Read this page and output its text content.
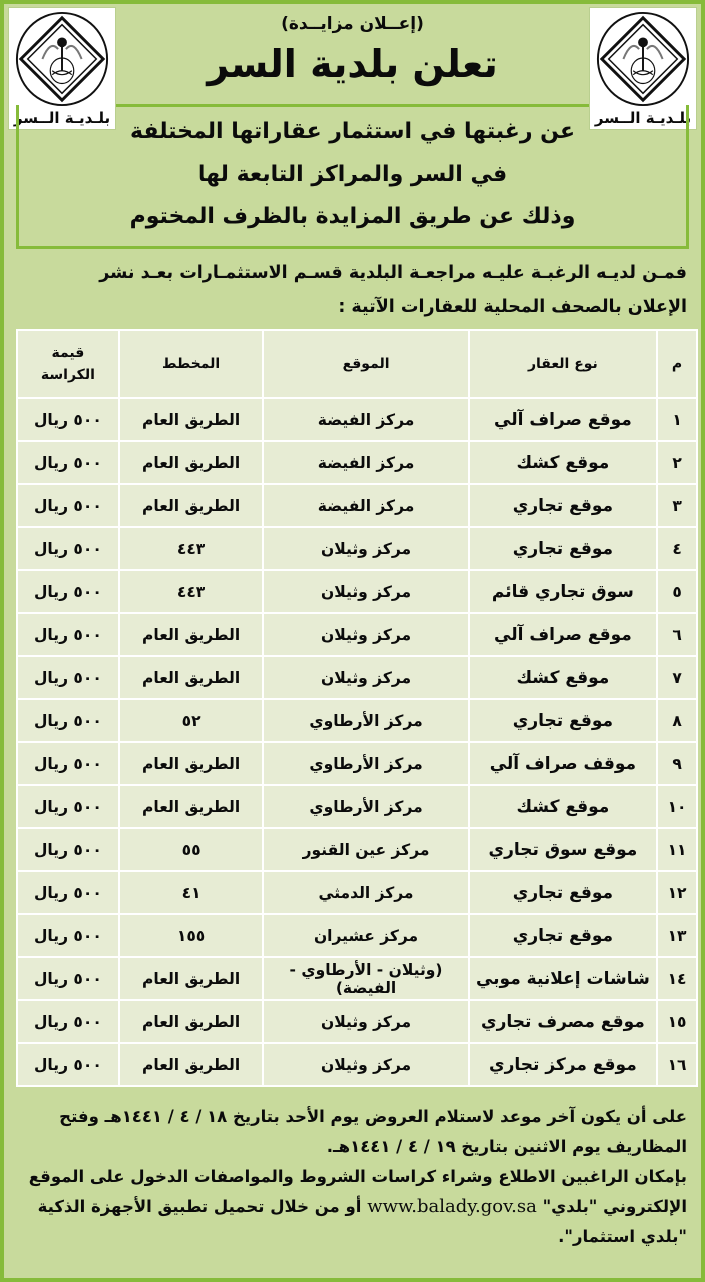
بلـديـة الــسر
بلـديـة الــسر
(إعــلان مزايــدة)
تعلن بلدية السر
عن رغبتها في استثمار عقاراتها المختلفة
في السر والمراكز التابعة لها
وذلك عن طريق المزايدة بالظرف المختوم
فمـن لديـه الرغبـة عليـه مراجعـة البلدية قسـم الاستثمـارات بعـد نشر
الإعلان بالصحف المحلية للعقارات الآتية :
م	نوع العقار	الموقع	المخطط	قيمة
الكراسة

١	موقع صراف آلي	مركز الفيضة	الطريق العام	٥٠٠ ريال
٢	موقع كشك	مركز الفيضة	الطريق العام	٥٠٠ ريال
٣	موقع تجاري	مركز الفيضة	الطريق العام	٥٠٠ ريال
٤	موقع تجاري	مركز وثيلان	٤٤٣	٥٠٠ ريال
٥	سوق تجاري قائم	مركز وثيلان	٤٤٣	٥٠٠ ريال
٦	موقع صراف آلي	مركز وثيلان	الطريق العام	٥٠٠ ريال
٧	موقع كشك	مركز وثيلان	الطريق العام	٥٠٠ ريال
٨	موقع تجاري	مركز الأرطاوي	٥٢	٥٠٠ ريال
٩	موقف صراف آلي	مركز الأرطاوي	الطريق العام	٥٠٠ ريال
١٠	موقع كشك	مركز الأرطاوي	الطريق العام	٥٠٠ ريال
١١	موقع سوق تجاري	مركز عين القنور	٥٥	٥٠٠ ريال
١٢	موقع تجاري	مركز الدمثي	٤١	٥٠٠ ريال
١٣	موقع تجاري	مركز عشيران	١٥٥	٥٠٠ ريال
١٤	شاشات إعلانية موبي	(وثيلان - الأرطاوي - الفيضة)	الطريق العام	٥٠٠ ريال
١٥	موقع مصرف تجاري	مركز وثيلان	الطريق العام	٥٠٠ ريال
١٦	موقع مركز تجاري	مركز وثيلان	الطريق العام	٥٠٠ ريال

على أن يكون آخر موعد لاستلام العروض يوم الأحد بتاريخ ١٨ / ٤ / ١٤٤١هـ وفتح المظاريف يوم الاثنين بتاريخ ١٩ / ٤ / ١٤٤١هـ.

بإمكان الراغبين الاطلاع وشراء كراسات الشروط والمواصفات الدخول على الموقع الإلكتروني "بلدي" www.balady.gov.sa أو من خلال تحميل تطبيق الأجهزة الذكية "بلدي استثمار".
